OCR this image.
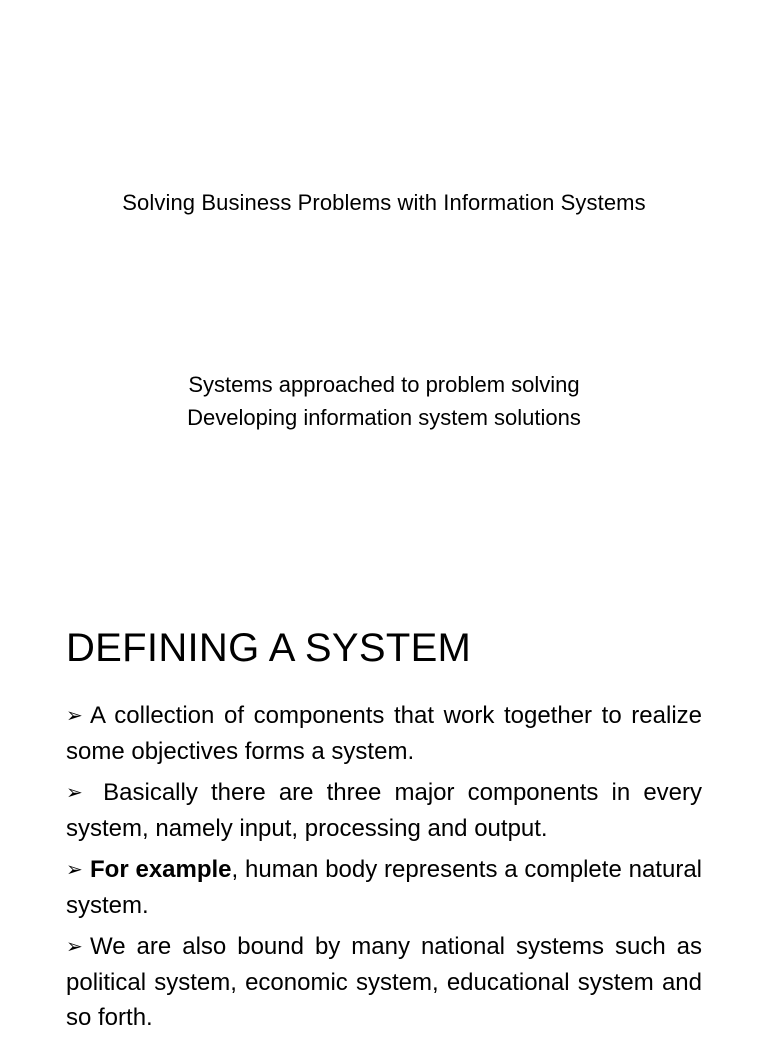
Solving Business Problems with Information Systems
Systems approached to problem solving
Developing information system solutions
DEFINING A SYSTEM
➢ A collection of components that work together to realize some objectives forms a system.
➢ Basically there are three major components in every system, namely input, processing and output.
➢ For example, human body represents a complete natural system.
➢ We are also bound by many national systems such as political system, economic system, educational system and so forth.
